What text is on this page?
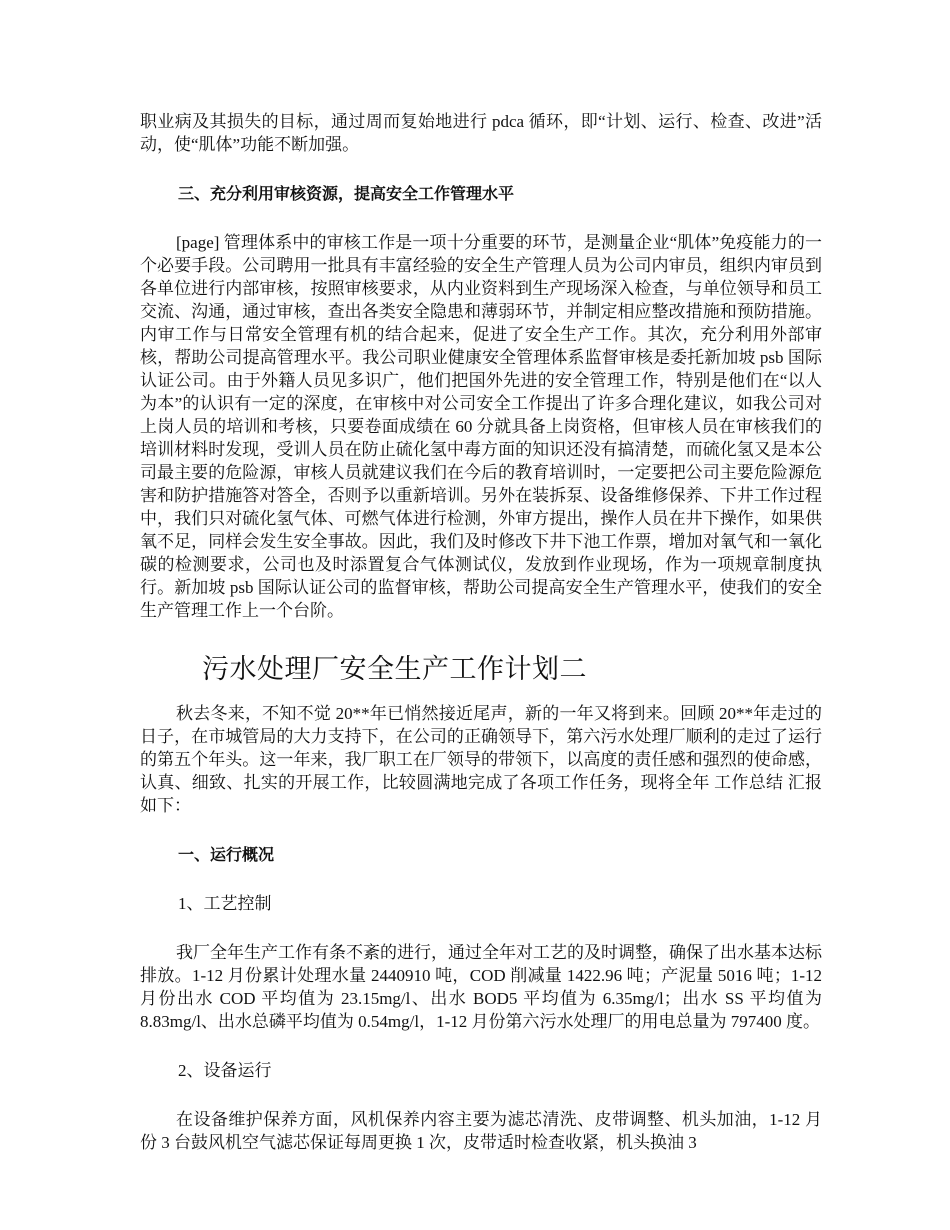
职业病及其损失的目标，通过周而复始地进行 pdca 循环，即“计划、运行、检查、改进”活动，使“肌体”功能不断加强。

三、充分利用审核资源，提高安全工作管理水平

[page] 管理体系中的审核工作是一项十分重要的环节，是测量企业“肌体”免疫能力的一个必要手段。公司聘用一批具有丰富经验的安全生产管理人员为公司内审员，组织内审员到各单位进行内部审核，按照审核要求，从内业资料到生产现场深入检查，与单位领导和员工交流、沟通，通过审核，查出各类安全隐患和薄弱环节，并制定相应整改措施和预防措施。内审工作与日常安全管理有机的结合起来，促进了安全生产工作。其次，充分利用外部审核，帮助公司提高管理水平。我公司职业健康安全管理体系监督审核是委托新加坡 psb 国际认证公司。由于外籍人员见多识广，他们把国外先进的安全管理工作，特别是他们在“以人为本”的认识有一定的深度，在审核中对公司安全工作提出了许多合理化建议，如我公司对上岗人员的培训和考核，只要卷面成绩在 60 分就具备上岗资格，但审核人员在审核我们的培训材料时发现，受训人员在防止硫化氢中毒方面的知识还没有搞清楚，而硫化氢又是本公司最主要的危险源，审核人员就建议我们在今后的教育培训时，一定要把公司主要危险源危害和防护措施答对答全，否则予以重新培训。另外在装拆泵、设备维修保养、下井工作过程中，我们只对硫化氢气体、可燃气体进行检测，外审方提出，操作人员在井下操作，如果供氧不足，同样会发生安全事故。因此，我们及时修改下井下池工作票，增加对氧气和一氧化碳的检测要求，公司也及时添置复合气体测试仪，发放到作业现场，作为一项规章制度执行。新加坡 psb 国际认证公司的监督审核，帮助公司提高安全生产管理水平，使我们的安全生产管理工作上一个台阶。

污水处理厂安全生产工作计划二

秋去冬来，不知不觉 20**年已悄然接近尾声，新的一年又将到来。回顾 20**年走过的日子，在市城管局的大力支持下，在公司的正确领导下，第六污水处理厂顺利的走过了运行的第五个年头。这一年来，我厂职工在厂领导的带领下，以高度的责任感和强烈的使命感，认真、细致、扎实的开展工作，比较圆满地完成了各项工作任务，现将全年 工作总结 汇报如下：

一、运行概况

1、工艺控制

我厂全年生产工作有条不紊的进行，通过全年对工艺的及时调整，确保了出水基本达标排放。1-12 月份累计处理水量 2440910 吨，COD 削减量 1422.96 吨；产泥量 5016 吨；1-12 月份出水 COD 平均值为 23.15mg/l、出水 BOD5 平均值为 6.35mg/l；出水 SS 平均值为 8.83mg/l、出水总磷平均值为 0.54mg/l，1-12 月份第六污水处理厂的用电总量为 797400 度。

2、设备运行

在设备维护保养方面，风机保养内容主要为滤芯清洗、皮带调整、机头加油，1-12 月份 3 台鼓风机空气滤芯保证每周更换 1 次，皮带适时检查收紧，机头换油 3
